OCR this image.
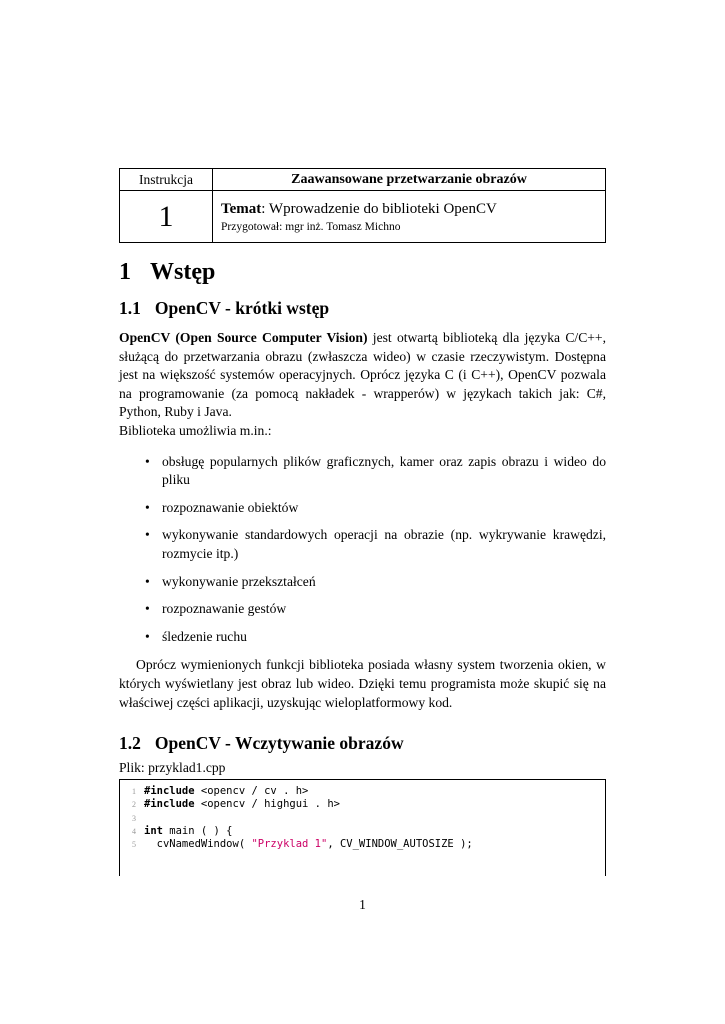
Instrukcja	Zaawansowane przetwarzanie obrazów
1	Temat: Wprowadzenie do biblioteki OpenCV
Przygotował: mgr inż. Tomasz Michno
1 Wstęp
1.1 OpenCV - krótki wstęp

OpenCV (Open Source Computer Vision) jest otwartą biblioteką dla języka C/C++, służącą do przetwarzania obrazu (zwłaszcza wideo) w czasie rzeczywistym. Dostępna jest na większość systemów operacyjnych. Oprócz języka C (i C++), OpenCV pozwala na programowanie (za pomocą nakładek - wrapperów) w językach takich jak: C#, Python, Ruby i Java.

Biblioteka umożliwia m.in.:

• obsługę popularnych plików graficznych, kamer oraz zapis obrazu i wideo do pliku
• rozpoznawanie obiektów
• wykonywanie standardowych operacji na obrazie (np. wykrywanie krawędzi, rozmycie itp.)
• wykonywanie przekształceń
• rozpoznawanie gestów
• śledzenie ruchu

Oprócz wymienionych funkcji biblioteka posiada własny system tworzenia okien, w których wyświetlany jest obraz lub wideo. Dzięki temu programista może skupić się na właściwej części aplikacji, uzyskując wieloplatformowy kod.

1.2 OpenCV - Wczytywanie obrazów

Plik: przyklad1.cpp

1 #include <opencv / cv . h>
2 #include <opencv / highgui . h>
3
4 int main ( ) {
5 cvNamedWindow( "Przyklad 1", CV_WINDOW_AUTOSIZE );
1
